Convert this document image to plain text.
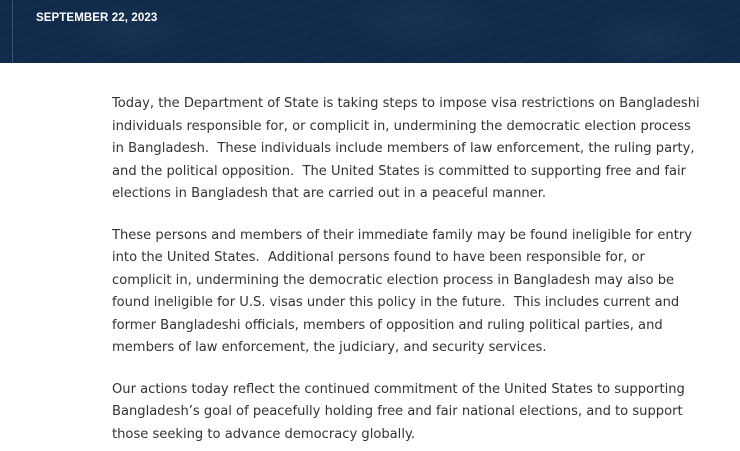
SEPTEMBER 22, 2023

Today, the Department of State is taking steps to impose visa restrictions on Bangladeshi individuals responsible for, or complicit in, undermining the democratic election process in Bangladesh.  These individuals include members of law enforcement, the ruling party, and the political opposition.  The United States is committed to supporting free and fair elections in Bangladesh that are carried out in a peaceful manner.

These persons and members of their immediate family may be found ineligible for entry into the United States.  Additional persons found to have been responsible for, or complicit in, undermining the democratic election process in Bangladesh may also be found ineligible for U.S. visas under this policy in the future.  This includes current and former Bangladeshi officials, members of opposition and ruling political parties, and members of law enforcement, the judiciary, and security services.

Our actions today reflect the continued commitment of the United States to supporting Bangladesh’s goal of peacefully holding free and fair national elections, and to support those seeking to advance democracy globally.
